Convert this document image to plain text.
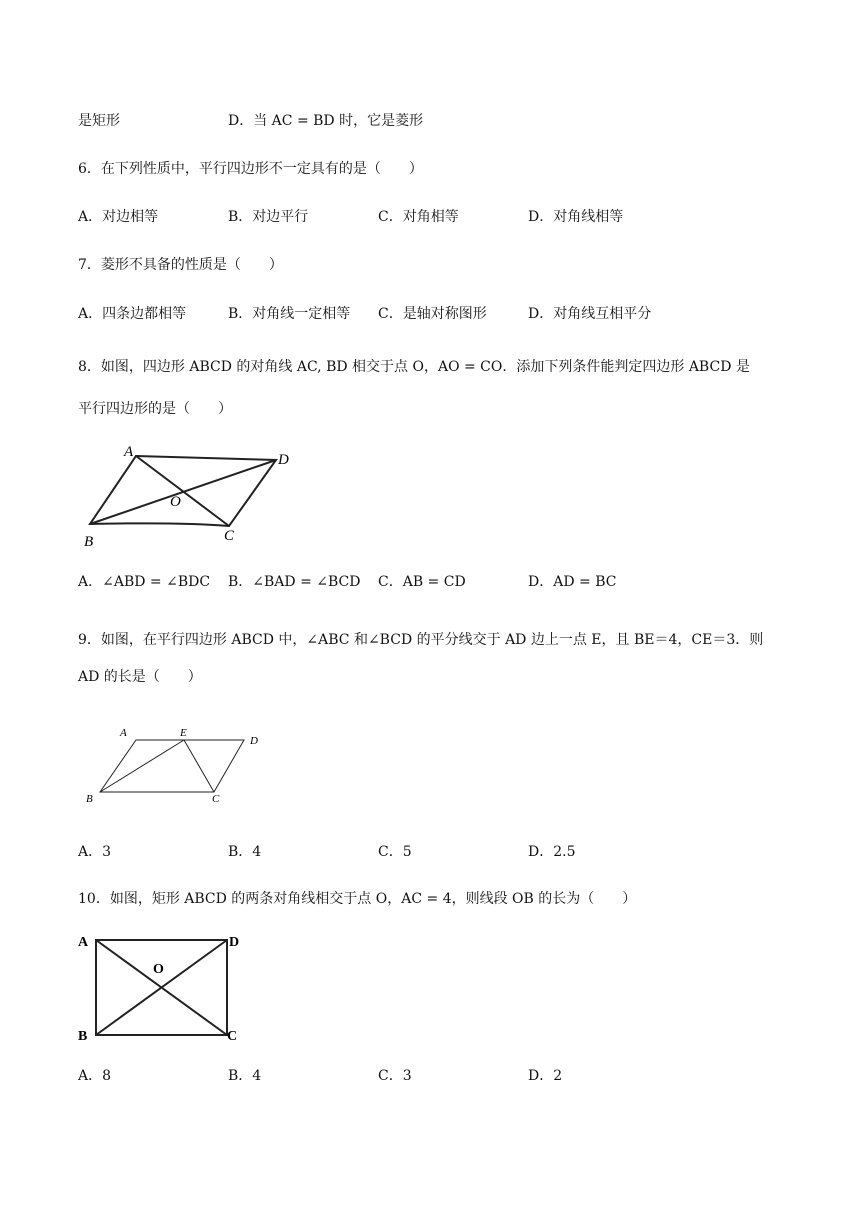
是矩形	D．当 AC = BD 时，它是菱形
6．在下列性质中，平行四边形不一定具有的是（　　）
A．对边相等	B．对边平行	C．对角相等	D．对角线相等
7．菱形不具备的性质是（　　）
A．四条边都相等	B．对角线一定相等 C．是轴对称图形	D．对角线互相平分
8．如图，四边形 ABCD 的对角线 AC, BD 相交于点 O，AO = CO．添加下列条件能判定四边形 ABCD 是
平行四边形的是（　　）
A	D
O
C
B
A．∠ABD = ∠BDC B．∠BAD = ∠BCD C．AB = CD	D．AD = BC
9．如图，在平行四边形 ABCD 中，∠ABC 和∠BCD 的平分线交于 AD 边上一点 E，且 BE＝4，CE＝3．则
AD 的长是（　　）
A	E
D
B	C
A．3	B．4	C．5	D．2.5
10．如图，矩形 ABCD 的两条对角线相交于点 O，AC = 4，则线段 OB 的长为（　　）
A	D
O
B	C
A．8	B．4	C．3	D．2
